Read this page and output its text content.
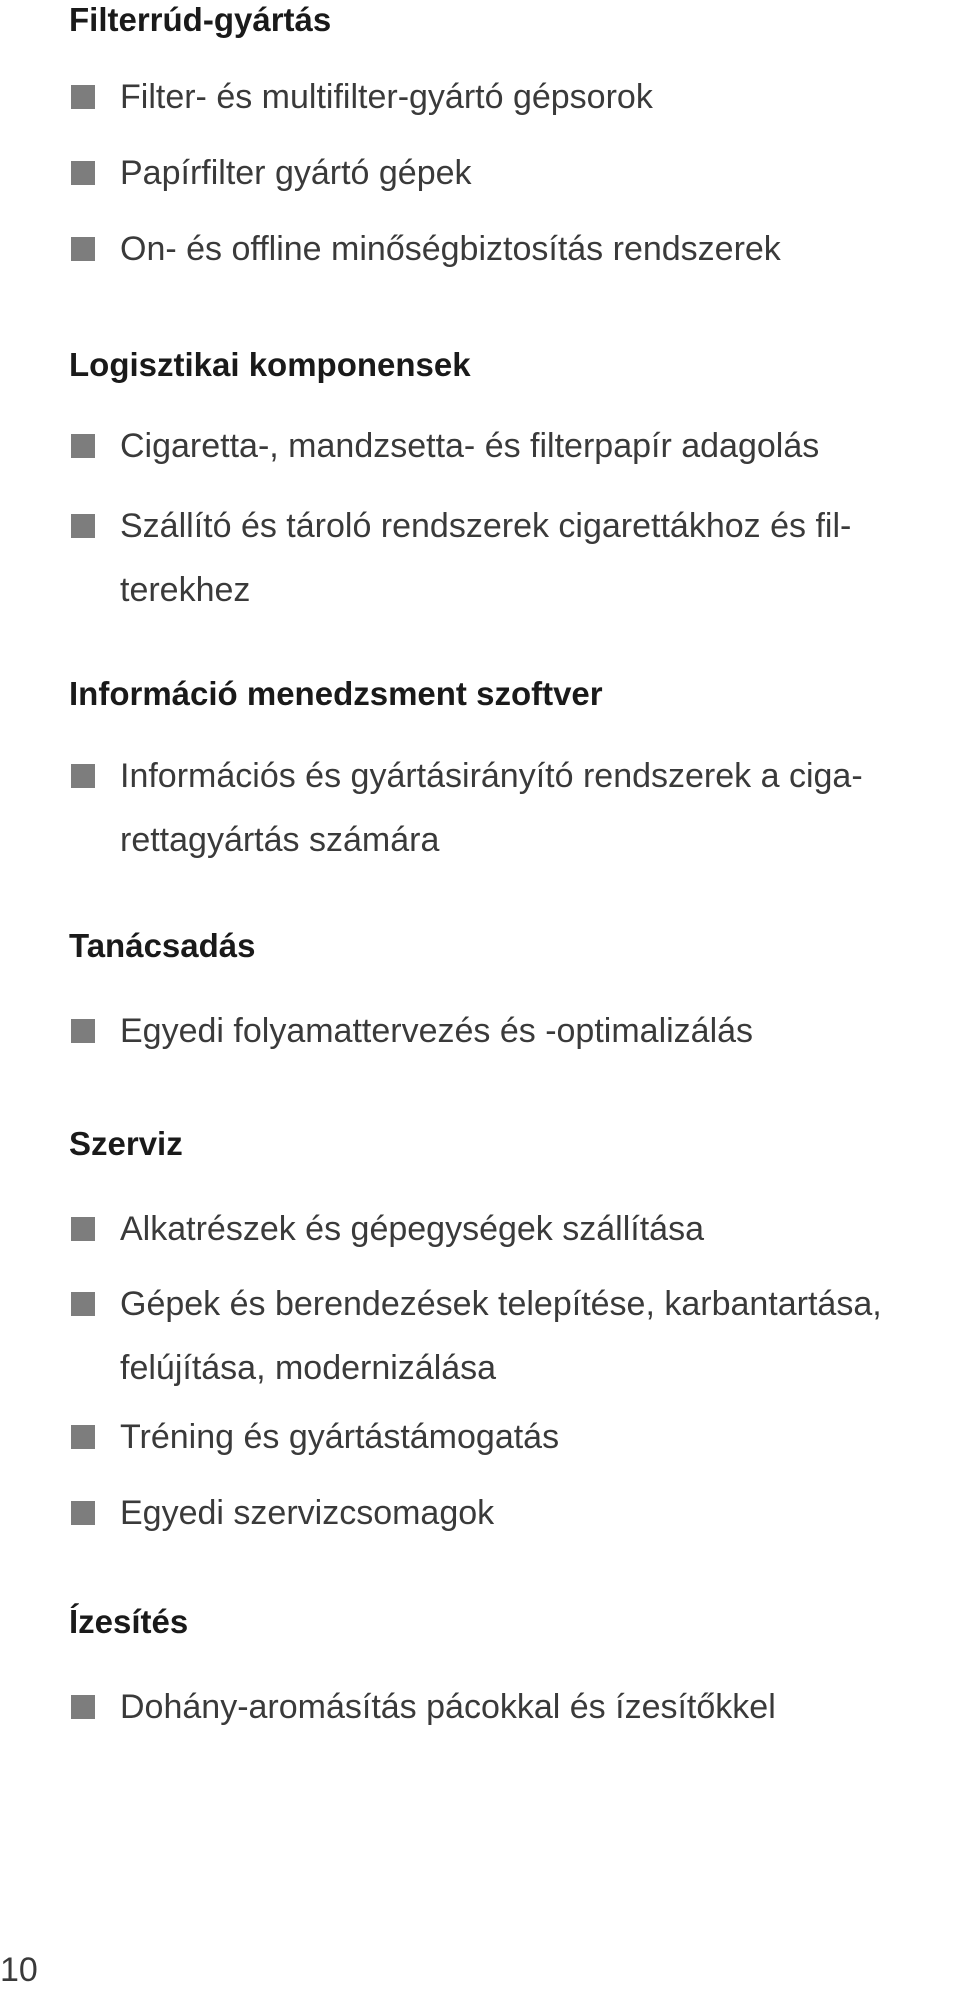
Filterrúd-gyártás
Filter- és multifilter-gyártó gépsorok
Papírfilter gyártó gépek
On- és offline minőségbiztosítás rendszerek
Logisztikai komponensek
Cigaretta-, mandzsetta- és filterpapír adagolás
Szállító és tároló rendszerek cigarettákhoz és fil-
terekhez
Információ menedzsment szoftver
Információs és gyártásirányító rendszerek a ciga-
rettagyártás számára
Tanácsadás
Egyedi folyamattervezés és -optimalizálás
Szerviz
Alkatrészek és gépegységek szállítása
Gépek és berendezések telepítése, karbantartása,
felújítása, modernizálása
Tréning és gyártástámogatás
Egyedi szervizcsomagok
Ízesítés
Dohány-aromásítás pácokkal és ízesítőkkel
10
